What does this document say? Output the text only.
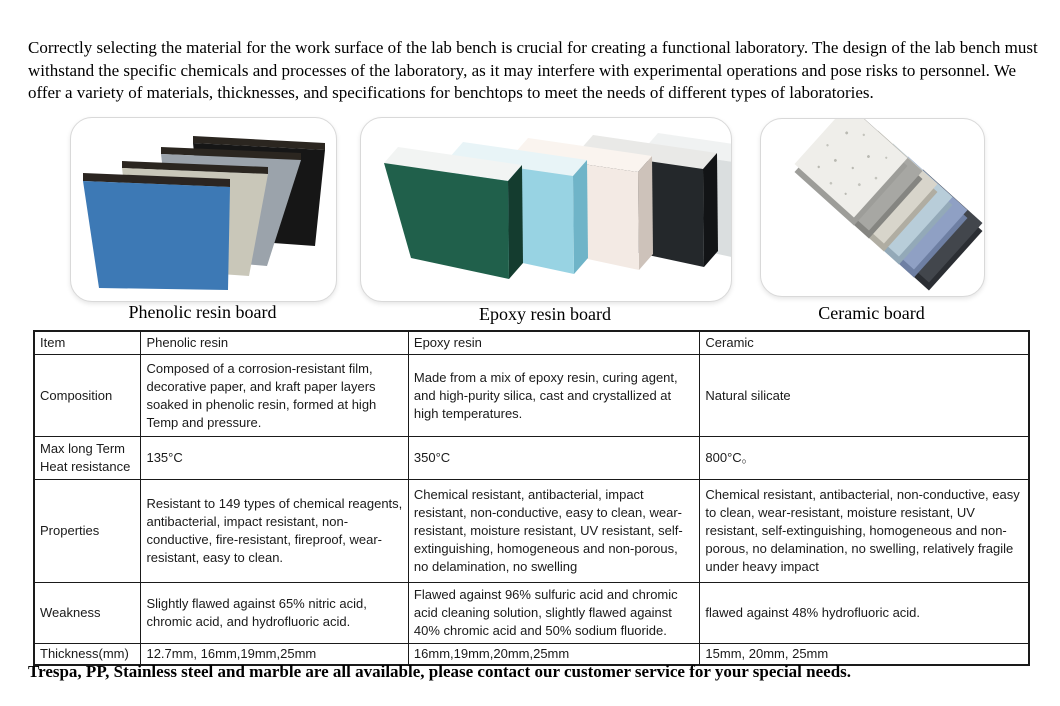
Correctly selecting the material for the work surface of the lab bench is crucial for creating a functional laboratory. The design of the lab bench must withstand the specific chemicals and processes of the laboratory, as it may interfere with experimental operations and pose risks to personnel. We offer a variety of materials, thicknesses, and specifications for benchtops to meet the needs of different types of laboratories.

Phenolic resin board	Epoxy resin board	Ceramic board
Item	Phenolic resin	Epoxy resin	Ceramic
Composition	Composed of a corrosion-resistant film, decorative paper, and kraft paper layers soaked in phenolic resin, formed at high Temp and pressure.	Made from a mix of epoxy resin, curing agent, and high-purity silica, cast and crystallized at high temperatures.	Natural silicate
Max long Term Heat resistance	135°C	350°C	800°C。
Properties	Resistant to 149 types of chemical reagents, antibacterial, impact resistant, non-conductive, fire-resistant, fireproof, wear-resistant, easy to clean.	Chemical resistant, antibacterial, impact resistant, non-conductive, easy to clean, wear-resistant, moisture resistant, UV resistant, self-extinguishing, homogeneous and non-porous, no delamination, no swelling	Chemical resistant, antibacterial, non-conductive, easy to clean, wear-resistant, moisture resistant, UV resistant, self-extinguishing, homogeneous and non-porous, no delamination, no swelling, relatively fragile under heavy impact
Weakness	Slightly flawed against 65% nitric acid, chromic acid, and hydrofluoric acid.	Flawed against 96% sulfuric acid and chromic acid cleaning solution, slightly flawed against 40% chromic acid and 50% sodium fluoride.	flawed against 48% hydrofluoric acid.
Thickness(mm)	12.7mm, 16mm,19mm,25mm	16mm,19mm,20mm,25mm	15mm, 20mm, 25mm
Trespa, PP, Stainless steel and marble are all available, please contact our customer service for your special needs.
